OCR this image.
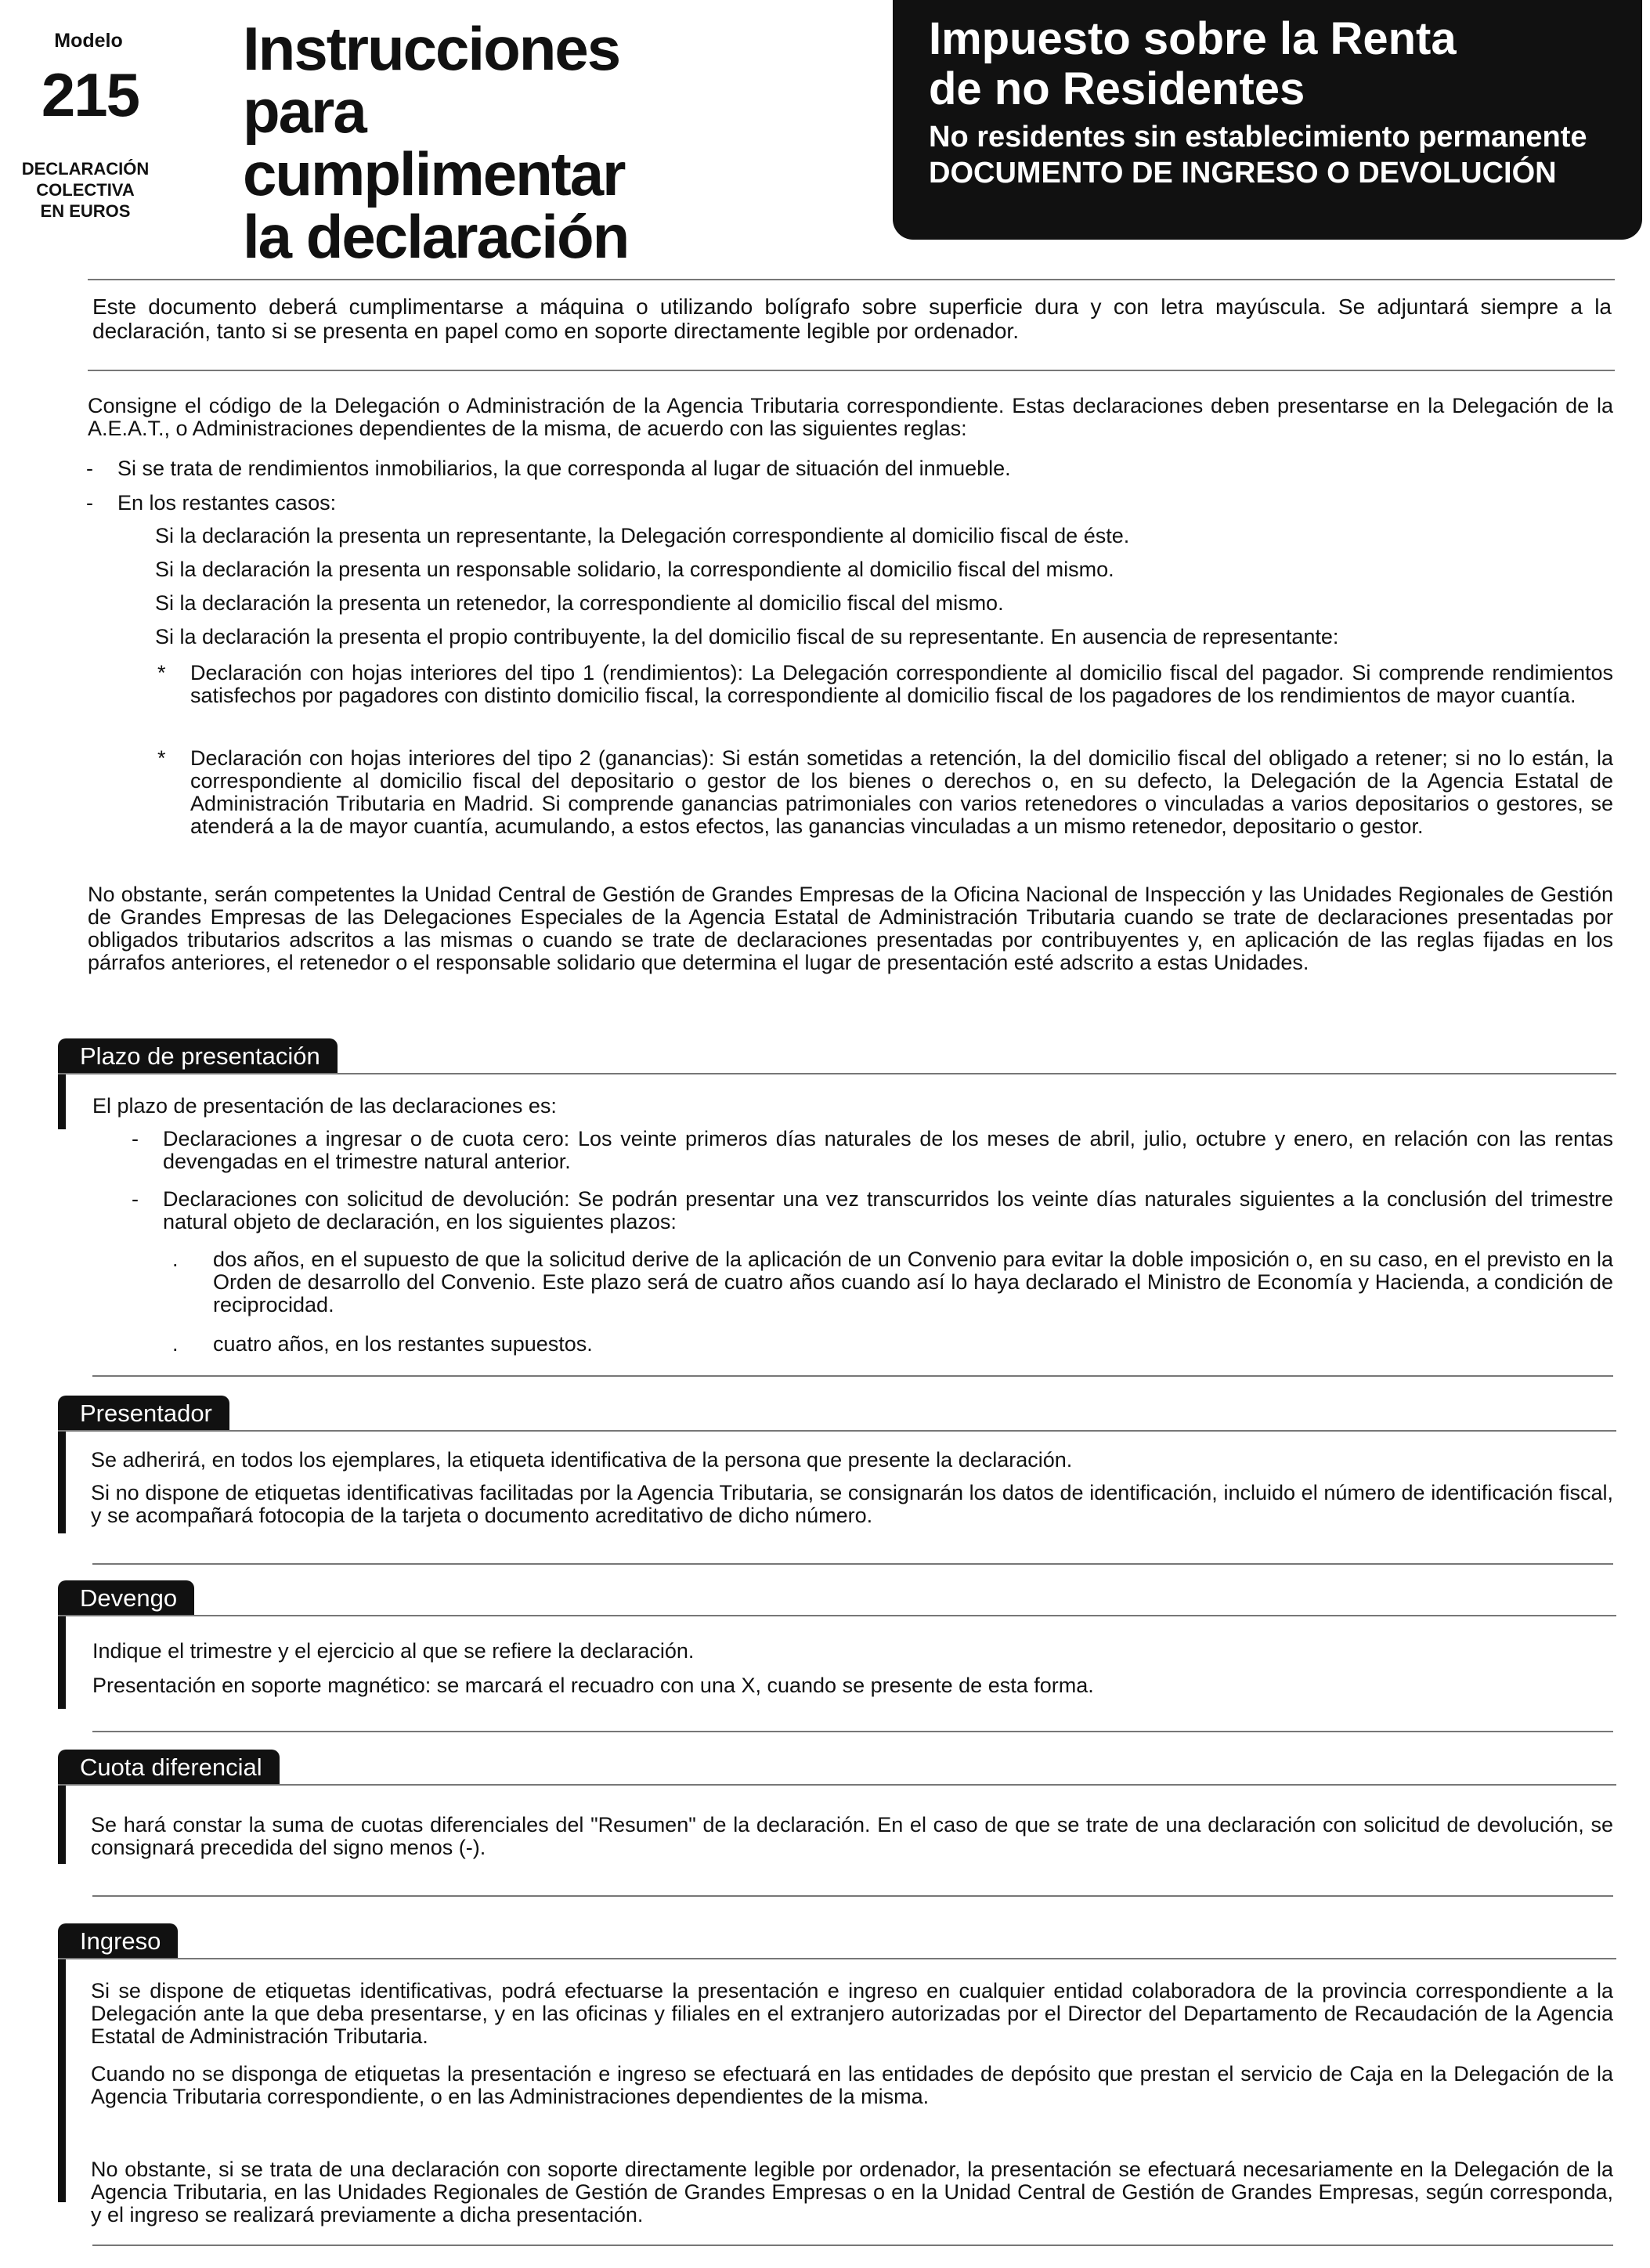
Modelo
215
DECLARACIÓN
COLECTIVA
EN EUROS
Instrucciones
para cumplimentar
la declaración
Impuesto sobre la Renta
de no Residentes
No residentes sin establecimiento permanente
DOCUMENTO DE INGRESO O DEVOLUCIÓN
Este documento deberá cumplimentarse a máquina o utilizando bolígrafo sobre superficie dura y con letra mayúscula. Se adjuntará siempre a la declaración, tanto si se presenta en papel como en soporte directamente legible por ordenador.
Consigne el código de la Delegación o Administración de la Agencia Tributaria correspondiente. Estas declaraciones deben presentarse en la Delegación de la A.E.A.T., o Administraciones dependientes de la misma, de acuerdo con las siguientes reglas:
- Si se trata de rendimientos inmobiliarios, la que corresponda al lugar de situación del inmueble.
- En los restantes casos:
Si la declaración la presenta un representante, la Delegación correspondiente al domicilio fiscal de éste.
Si la declaración la presenta un responsable solidario, la correspondiente al domicilio fiscal del mismo.
Si la declaración la presenta un retenedor, la correspondiente al domicilio fiscal del mismo.
Si la declaración la presenta el propio contribuyente, la del domicilio fiscal de su representante. En ausencia de representante:
* Declaración con hojas interiores del tipo 1 (rendimientos): La Delegación correspondiente al domicilio fiscal del pagador. Si comprende rendimientos satisfechos por pagadores con distinto domicilio fiscal, la correspondiente al domicilio fiscal de los pagadores de los rendimientos de mayor cuantía.
* Declaración con hojas interiores del tipo 2 (ganancias): Si están sometidas a retención, la del domicilio fiscal del obligado a retener; si no lo están, la correspondiente al domicilio fiscal del depositario o gestor de los bienes o derechos o, en su defecto, la Delegación de la Agencia Estatal de Administración Tributaria en Madrid. Si comprende ganancias patrimoniales con varios retenedores o vinculadas a varios depositarios o gestores, se atenderá a la de mayor cuantía, acumulando, a estos efectos, las ganancias vinculadas a un mismo retenedor, depositario o gestor.
No obstante, serán competentes la Unidad Central de Gestión de Grandes Empresas de la Oficina Nacional de Inspección y las Unidades Regionales de Gestión de Grandes Empresas de las Delegaciones Especiales de la Agencia Estatal de Administración Tributaria cuando se trate de declaraciones presentadas por obligados tributarios adscritos a las mismas o cuando se trate de declaraciones presentadas por contribuyentes y, en aplicación de las reglas fijadas en los párrafos anteriores, el retenedor o el responsable solidario que determina el lugar de presentación esté adscrito a estas Unidades.
Plazo de presentación
El plazo de presentación de las declaraciones es:
- Declaraciones a ingresar o de cuota cero: Los veinte primeros días naturales de los meses de abril, julio, octubre y enero, en relación con las rentas devengadas en el trimestre natural anterior.
- Declaraciones con solicitud de devolución: Se podrán presentar una vez transcurridos los veinte días naturales siguientes a la conclusión del trimestre natural objeto de declaración, en los siguientes plazos:
. dos años, en el supuesto de que la solicitud derive de la aplicación de un Convenio para evitar la doble imposición o, en su caso, en el previsto en la Orden de desarrollo del Convenio. Este plazo será de cuatro años cuando así lo haya declarado el Ministro de Economía y Hacienda, a condición de reciprocidad.
. cuatro años, en los restantes supuestos.
Presentador
Se adherirá, en todos los ejemplares, la etiqueta identificativa de la persona que presente la declaración.
Si no dispone de etiquetas identificativas facilitadas por la Agencia Tributaria, se consignarán los datos de identificación, incluido el número de identificación fiscal, y se acompañará fotocopia de la tarjeta o documento acreditativo de dicho número.
Devengo
Indique el trimestre y el ejercicio al que se refiere la declaración.
Presentación en soporte magnético: se marcará el recuadro con una X, cuando se presente de esta forma.
Cuota diferencial
Se hará constar la suma de cuotas diferenciales del "Resumen" de la declaración. En el caso de que se trate de una declaración con solicitud de devolución, se consignará precedida del signo menos (-).
Ingreso
Si se dispone de etiquetas identificativas, podrá efectuarse la presentación e ingreso en cualquier entidad colaboradora de la provincia correspondiente a la Delegación ante la que deba presentarse, y en las oficinas y filiales en el extranjero autorizadas por el Director del Departamento de Recaudación de la Agencia Estatal de Administración Tributaria.
Cuando no se disponga de etiquetas la presentación e ingreso se efectuará en las entidades de depósito que prestan el servicio de Caja en la Delegación de la Agencia Tributaria correspondiente, o en las Administraciones dependientes de la misma.
No obstante, si se trata de una declaración con soporte directamente legible por ordenador, la presentación se efectuará necesariamente en la Delegación de la Agencia Tributaria, en las Unidades Regionales de Gestión de Grandes Empresas o en la Unidad Central de Gestión de Grandes Empresas, según corresponda, y el ingreso se realizará previamente a dicha presentación.
